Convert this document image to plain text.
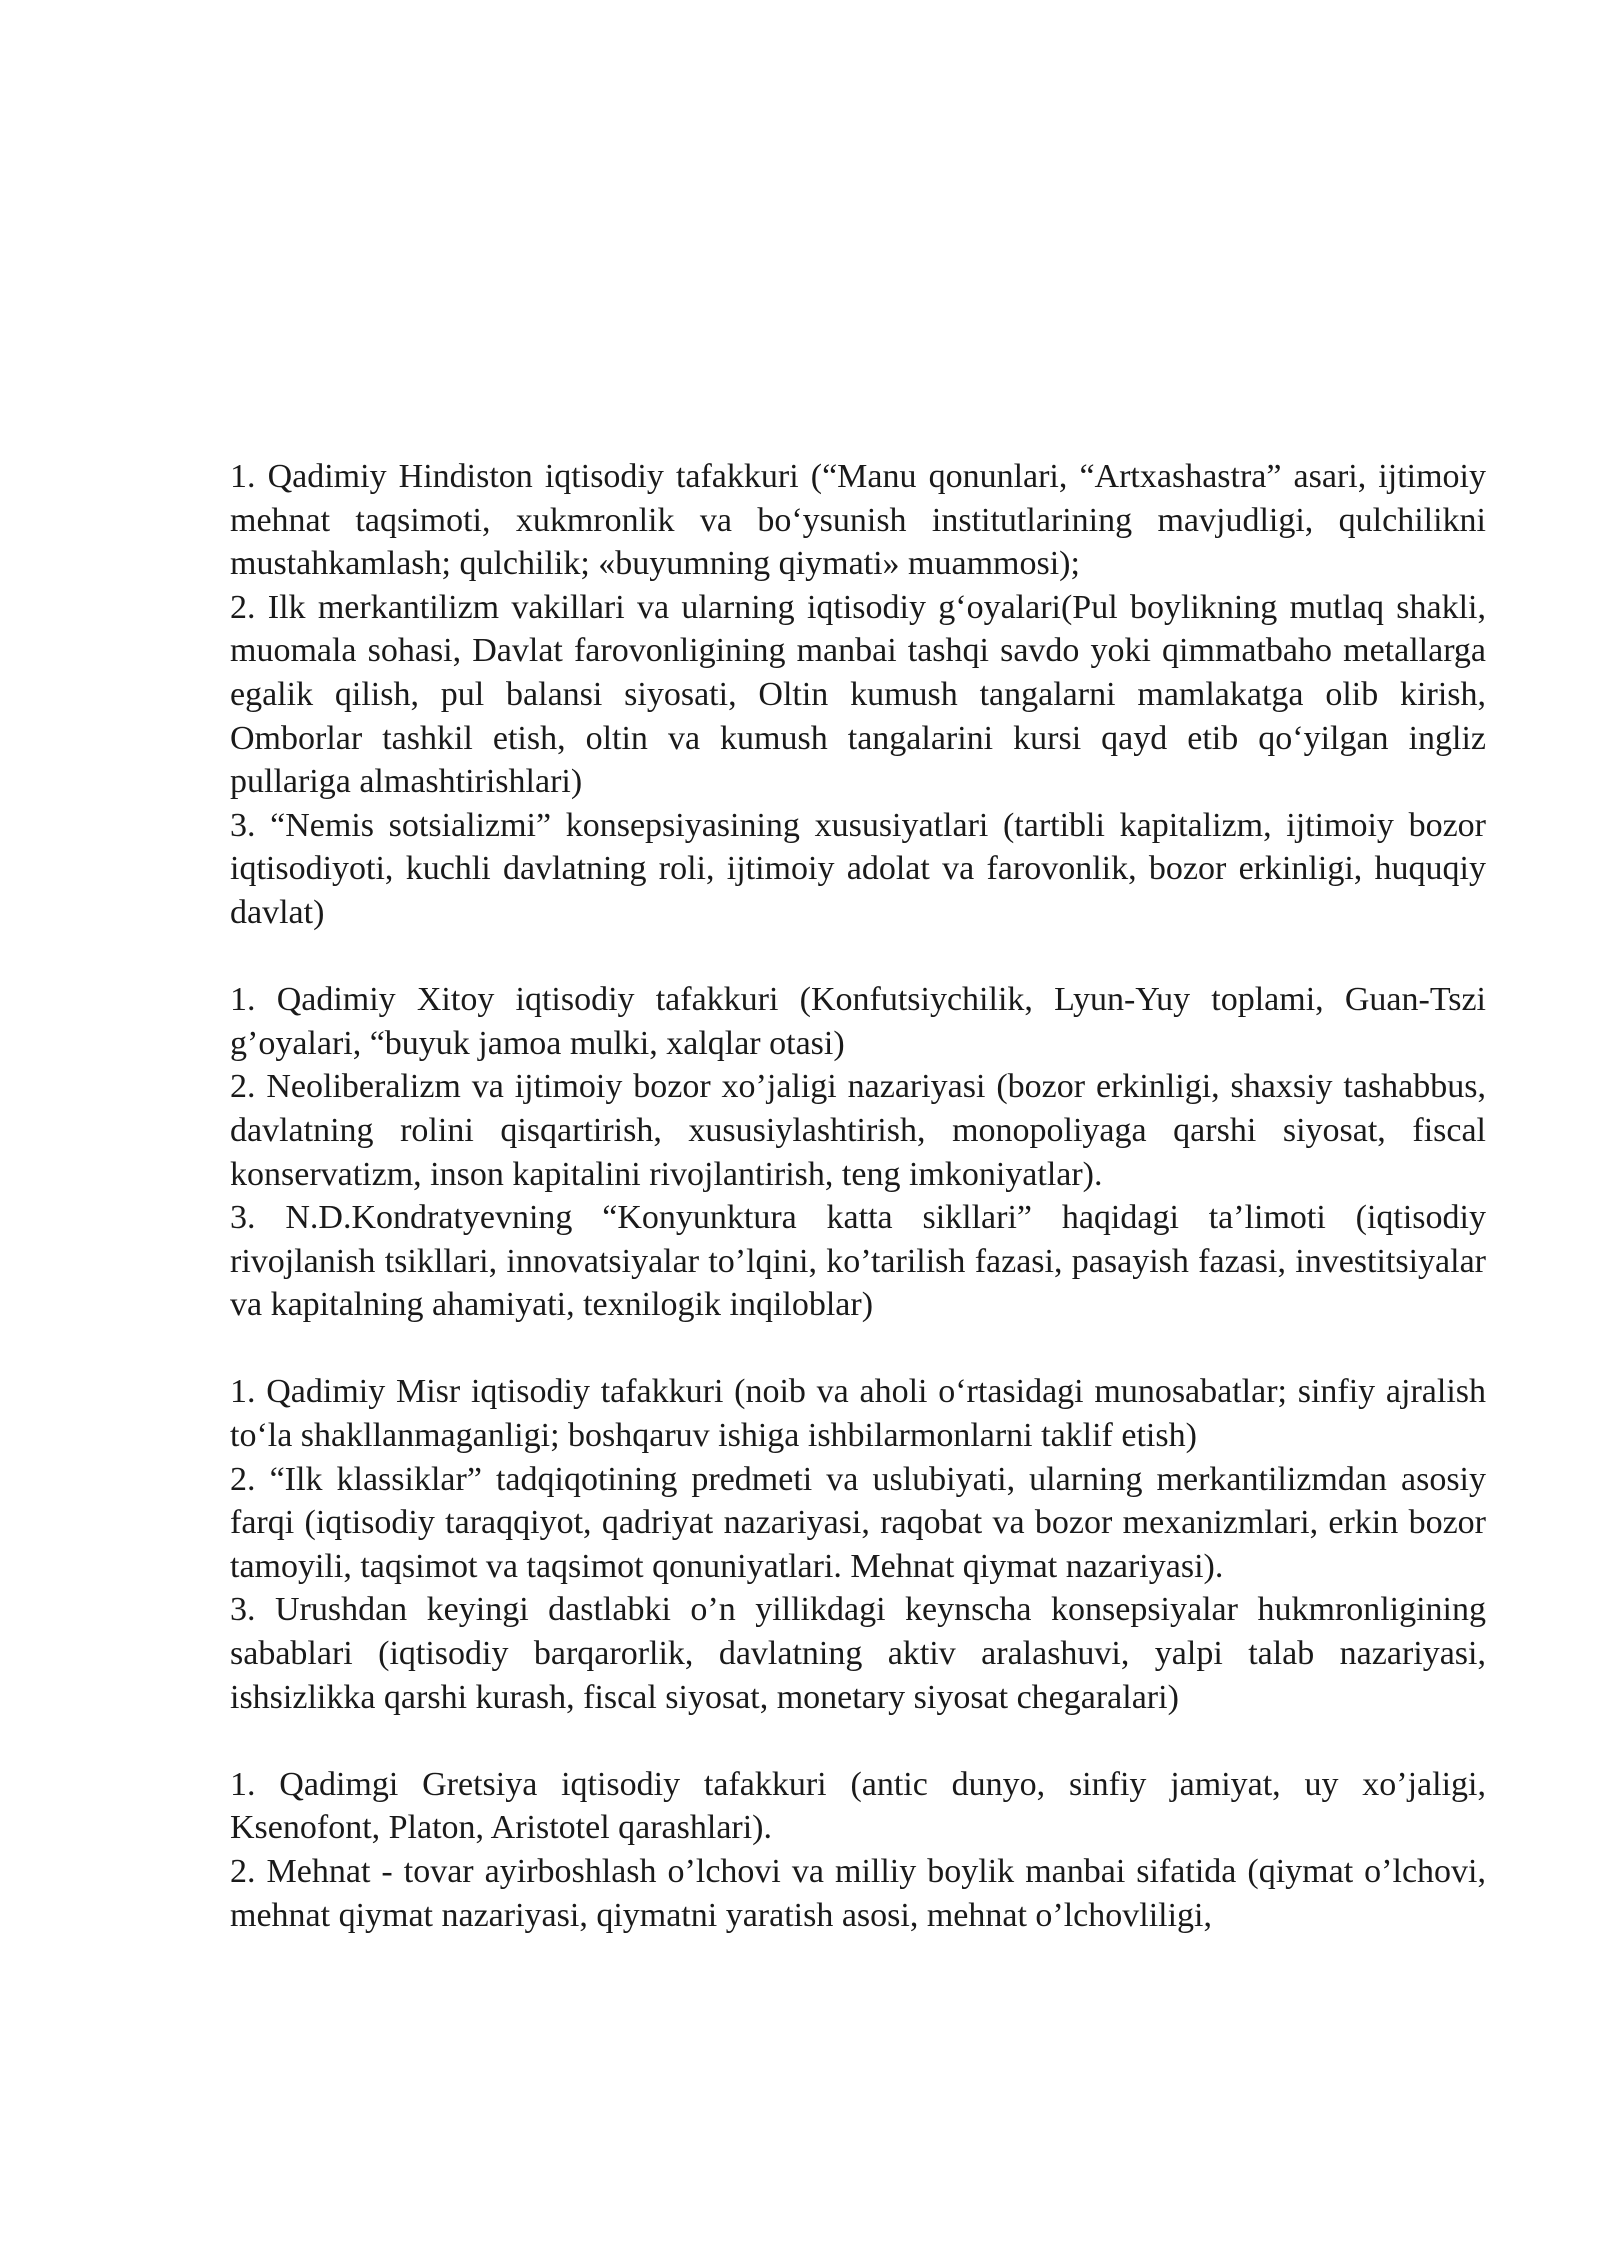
1. Qadimiy Hindiston iqtisodiy tafakkuri (“Manu qonunlari, “Artxashastra” asari, ijtimoiy mehnat taqsimoti, xukmronlik va boʻysunish institutlarining mavjudligi, qulchilikni mustahkamlash; qulchilik; «buyumning qiymati» muammosi);

2. Ilk merkantilizm vakillari va ularning iqtisodiy gʻoyalari(Pul boylikning mutlaq shakli, muomala sohasi, Davlat farovonligining manbai tashqi savdo yoki qimmatbaho metallarga egalik qilish, pul balansi siyosati, Oltin kumush tangalarni mamlakatga olib kirish, Omborlar tashkil etish, oltin va kumush tangalarini kursi qayd etib qoʻyilgan ingliz pullariga almashtirishlari)

3. “Nemis sotsializmi” konsepsiyasining xususiyatlari (tartibli kapitalizm, ijtimoiy bozor iqtisodiyoti, kuchli davlatning roli, ijtimoiy adolat va farovonlik, bozor erkinligi, huquqiy davlat)

1. Qadimiy Xitoy iqtisodiy tafakkuri (Konfutsiychilik, Lyun-Yuy toplami, Guan-Tszi g’oyalari, “buyuk jamoa mulki, xalqlar otasi)

2. Neoliberalizm va ijtimoiy bozor xo’jaligi nazariyasi (bozor erkinligi, shaxsiy tashabbus, davlatning rolini qisqartirish, xususiylashtirish, monopoliyaga qarshi siyosat, fiscal konservatizm, inson kapitalini rivojlantirish, teng imkoniyatlar).

3. N.D.Kondratyevning “Konyunktura katta sikllari” haqidagi ta’limoti (iqtisodiy rivojlanish tsikllari, innovatsiyalar to’lqini, ko’tarilish fazasi, pasayish fazasi, investitsiyalar va kapitalning ahamiyati, texnilogik inqiloblar)

1. Qadimiy Misr iqtisodiy tafakkuri (noib va aholi oʻrtasidagi munosabatlar; sinfiy ajralish toʻla shakllanmaganligi; boshqaruv ishiga ishbilarmonlarni taklif etish)

2. “Ilk klassiklar” tadqiqotining predmeti va uslubiyati, ularning merkantilizmdan asosiy farqi (iqtisodiy taraqqiyot, qadriyat nazariyasi, raqobat va bozor mexanizmlari, erkin bozor tamoyili, taqsimot va taqsimot qonuniyatlari. Mehnat qiymat nazariyasi).

3. Urushdan keyingi dastlabki o’n yillikdagi keynscha konsepsiyalar hukmronligining sabablari (iqtisodiy barqarorlik, davlatning aktiv aralashuvi, yalpi talab nazariyasi, ishsizlikka qarshi kurash, fiscal siyosat, monetary siyosat chegaralari)

1. Qadimgi Gretsiya iqtisodiy tafakkuri (antic dunyo, sinfiy jamiyat, uy xo’jaligi, Ksenofont, Platon, Aristotel qarashlari).

2. Mehnat - tovar ayirboshlash o’lchovi va milliy boylik manbai sifatida (qiymat o’lchovi, mehnat qiymat nazariyasi, qiymatni yaratish asosi, mehnat o’lchovliligi,
